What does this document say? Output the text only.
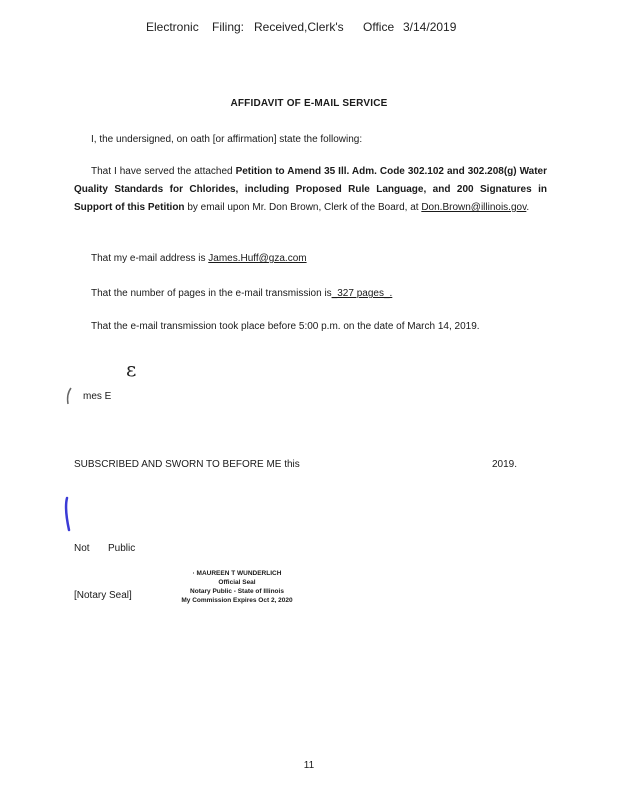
Electronic Filing: Received,Clerk's Office 3/14/2019
AFFIDAVIT OF E-MAIL SERVICE
I, the undersigned, on oath [or affirmation] state the following:
That I have served the attached Petition to Amend 35 Ill. Adm. Code 302.102 and 302.208(g) Water Quality Standards for Chlorides, including Proposed Rule Language, and 200 Signatures in Support of this Petition by email upon Mr. Don Brown, Clerk of the Board, at Don.Brown@illinois.gov.
That my e-mail address is James.Huff@gza.com
That the number of pages in the e-mail transmission is_327 pages_.
That the e-mail transmission took place before 5:00 p.m. on the date of March 14, 2019.
ε
mes E
SUBSCRIBED AND SWORN TO BEFORE ME this	2019.
Not Public
[Notary Seal]
· MAUREEN T WUNDERLICH
Official Seal
Notary Public - State of Illinois
My Commission Expires Oct 2, 2020
11
